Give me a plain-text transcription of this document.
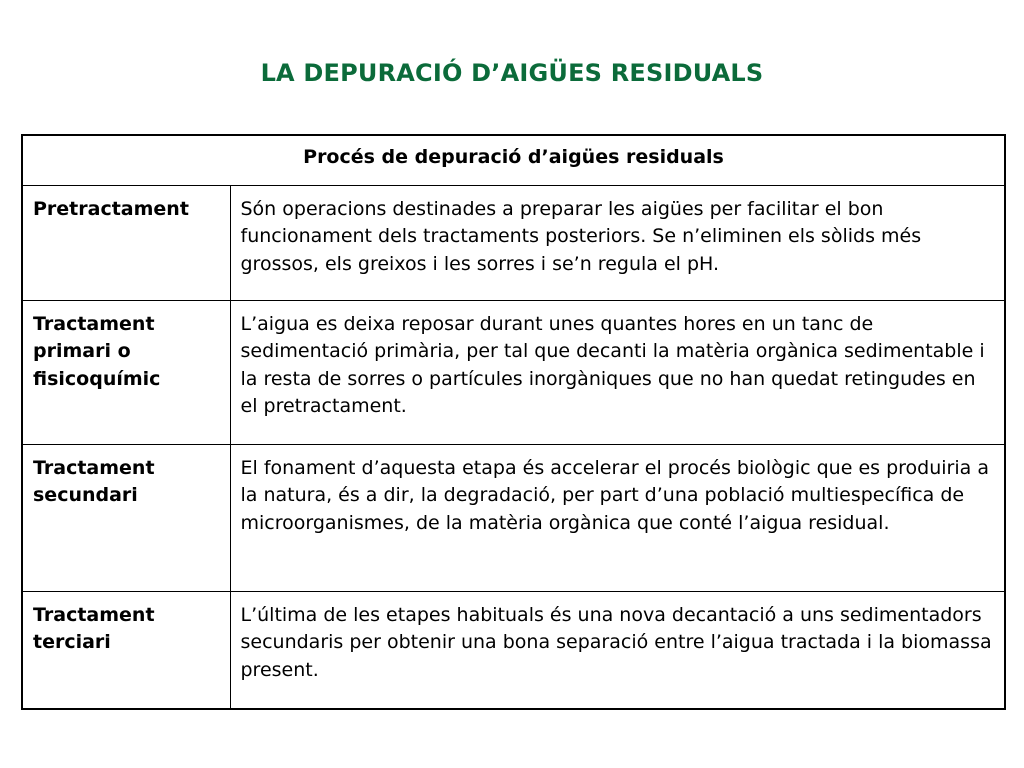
LA DEPURACIÓ D’AIGÜES RESIDUALS
Procés de depuració d’aigües residuals	
Pretractament	Són operacions destinades a preparar les aigües per facilitar el bon funcionament dels tractaments posteriors. Se n’eliminen els sòlids més grossos, els greixos i les sorres i se’n regula el pH.
Tractament primari o fisicoquímic	L’aigua es deixa reposar durant unes quantes hores en un tanc de sedimentació primària, per tal que decanti la matèria orgànica sedimentable i la resta de sorres o partícules inorgàniques que no han quedat retingudes en el pretractament.
Tractament secundari	El fonament d’aquesta etapa és accelerar el procés biològic que es produiria a la natura, és a dir, la degradació, per part d’una població multiespecífica de microorganismes, de la matèria orgànica que conté l’aigua residual.
Tractament terciari	L’última de les etapes habituals és una nova decantació a uns sedimentadors secundaris per obtenir una bona separació entre l’aigua tractada i la biomassa present.
